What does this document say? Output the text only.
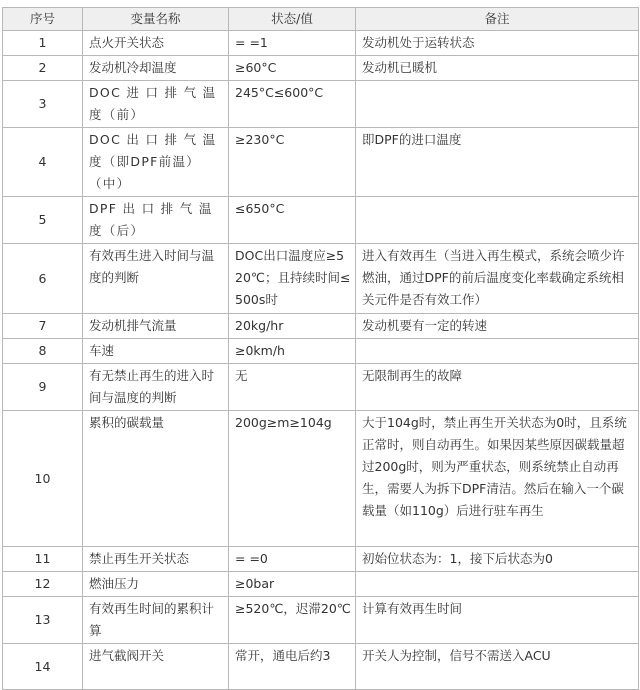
序号	变量名称	状态/值	备注
1	点火开关状态	= =1	发动机处于运转状态
2	发动机冷却温度	≥60°C	发动机已暖机
3	DOC 进 口 排 气 温 度（前）	245°C≤600°C	
4	DOC 出 口 排 气 温 度（即DPF前温）（中）	≥230°C	即DPF的进口温度
5	DPF 出 口 排 气 温 度（后）	≤650°C	
6	有效再生进入时间与温度的判断	DOC出口温度应≥520℃；且持续时间≤500s时	进入有效再生（当进入再生模式，系统会喷少许燃油，通过DPF的前后温度变化率载确定系统相关元件是否有效工作）
7	发动机排气流量	20kg/hr	发动机要有一定的转速
8	车速	≥0km/h	
9	有无禁止再生的进入时间与温度的判断	无	无限制再生的故障
10	累积的碳载量	200g≥m≥104g	大于104g时，禁止再生开关状态为0时，且系统正常时，则自动再生。如果因某些原因碳载量超过200g时，则为严重状态，则系统禁止自动再生，需要人为拆下DPF清洁。然后在输入一个碳载量（如110g）后进行驻车再生
11	禁止再生开关状态	= =0	初始位状态为：1，接下后状态为0
12	燃油压力	≥0bar	
13	有效再生时间的累积计算	≥520℃，迟滞20℃	计算有效再生时间
14	进气截阀开关	常开，通电后约3	开关人为控制，信号不需送入ACU
